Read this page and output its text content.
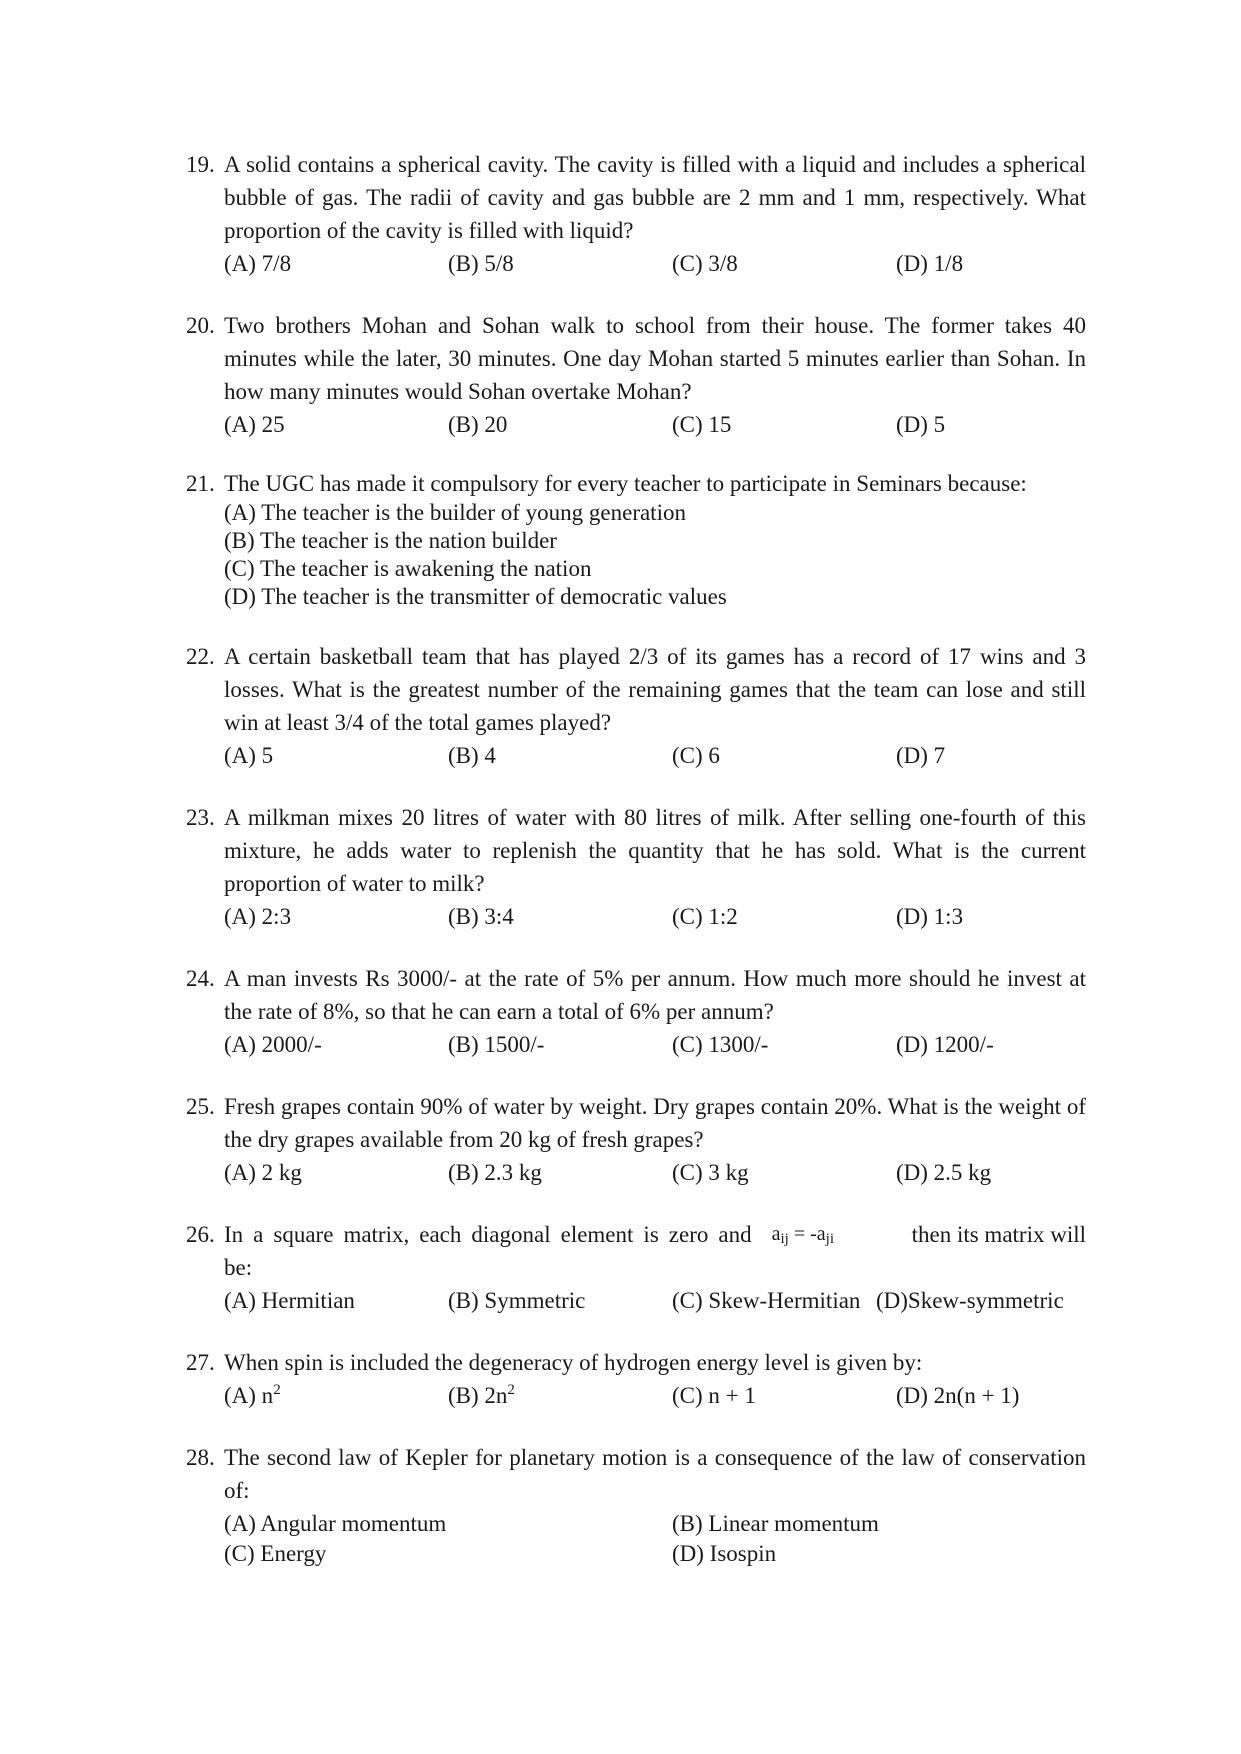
19. A solid contains a spherical cavity. The cavity is filled with a liquid and includes a spherical bubble of gas. The radii of cavity and gas bubble are 2 mm and 1 mm, respectively. What proportion of the cavity is filled with liquid?
(A) 7/8	(B) 5/8	(C) 3/8	(D) 1/8
20. Two brothers Mohan and Sohan walk to school from their house. The former takes 40 minutes while the later, 30 minutes. One day Mohan started 5 minutes earlier than Sohan. In how many minutes would Sohan overtake Mohan?
(A) 25	(B) 20	(C) 15	(D) 5
21. The UGC has made it compulsory for every teacher to participate in Seminars because:
(A) The teacher is the builder of young generation
(B) The teacher is the nation builder
(C) The teacher is awakening the nation
(D) The teacher is the transmitter of democratic values
22. A certain basketball team that has played 2/3 of its games has a record of 17 wins and 3 losses. What is the greatest number of the remaining games that the team can lose and still win at least 3/4 of the total games played?
(A) 5	(B) 4	(C) 6	(D) 7
23. A milkman mixes 20 litres of water with 80 litres of milk. After selling one-fourth of this mixture, he adds water to replenish the quantity that he has sold. What is the current proportion of water to milk?
(A) 2:3	(B) 3:4	(C) 1:2	(D) 1:3
24. A man invests Rs 3000/- at the rate of 5% per annum. How much more should he invest at the rate of 8%, so that he can earn a total of 6% per annum?
(A) 2000/-	(B) 1500/-	(C) 1300/-	(D) 1200/-
25. Fresh grapes contain 90% of water by weight. Dry grapes contain 20%. What is the weight of the dry grapes available from 20 kg of fresh grapes?
(A) 2 kg	(B) 2.3 kg	(C) 3 kg	(D) 2.5 kg
26. In a square matrix, each diagonal element is zero and $a_{ij} = -a_{ji}$	then its matrix will
be:
(A) Hermitian	(B) Symmetric	(C) Skew-Hermitian (D)Skew-symmetric
27. When spin is included the degeneracy of hydrogen energy level is given by:
(A) $n^2$	(B) $2n^2$	(C) n + 1	(D) 2n(n + 1)
28. The second law of Kepler for planetary motion is a consequence of the law of conservation of:
(A) Angular momentum	(B) Linear momentum
(C) Energy	(D) Isospin
